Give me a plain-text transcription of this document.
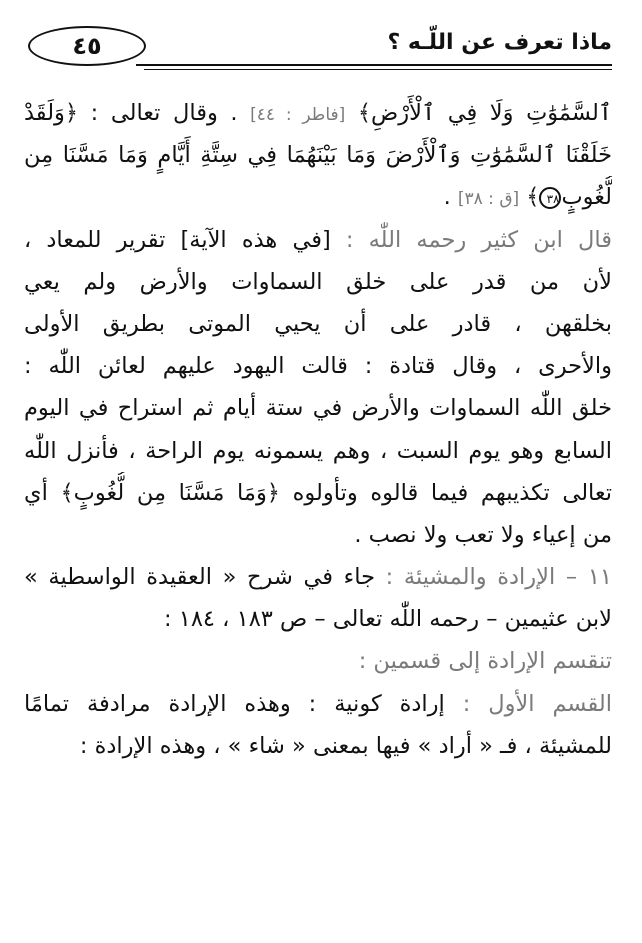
ماذا تعرف عن اللّـه ؟
٤٥
ٱلسَّمَٰوَٰتِ وَلَا فِي ٱلْأَرْضِ﴾ [فاطر : ٤٤] . وقال تعالى : ﴿وَلَقَدْ
خَلَقْنَا ٱلسَّمَٰوَٰتِ وَٱلْأَرْضَ وَمَا بَيْنَهُمَا فِي سِتَّةِ أَيَّامٍ وَمَا مَسَّنَا مِن
لُّغُوبٍ٣٨﴾ [ق : ٣٨] .
قال ابن كثير رحمه اللّٰه : [في هذه الآية] تقرير للمعاد ،
لأن من قدر على خلق السماوات والأرض ولم يعي
بخلقهن ، قادر على أن يحيي الموتى بطريق الأولى
والأحرى ، وقال قتادة : قالت اليهود عليهم لعائن اللّٰه :
خلق اللّٰه السماوات والأرض في ستة أيام ثم استراح في اليوم
السابع وهو يوم السبت ، وهم يسمونه يوم الراحة ، فأنزل اللّٰه
تعالى تكذيبهم فيما قالوه وتأولوه ﴿وَمَا مَسَّنَا مِن لُّغُوبٍ﴾ أي
من إعياء ولا تعب ولا نصب .
١١ – الإرادة والمشيئة : جاء في شرح « العقيدة الواسطية »
لابن عثيمين – رحمه اللّٰه تعالى – ص ١٨٣ ، ١٨٤ :
تنقسم الإرادة إلى قسمين :
القسم الأول : إرادة كونية : وهذه الإرادة مرادفة تمامًا
للمشيئة ، فـ « أراد » فيها بمعنى « شاء » ، وهذه الإرادة :
